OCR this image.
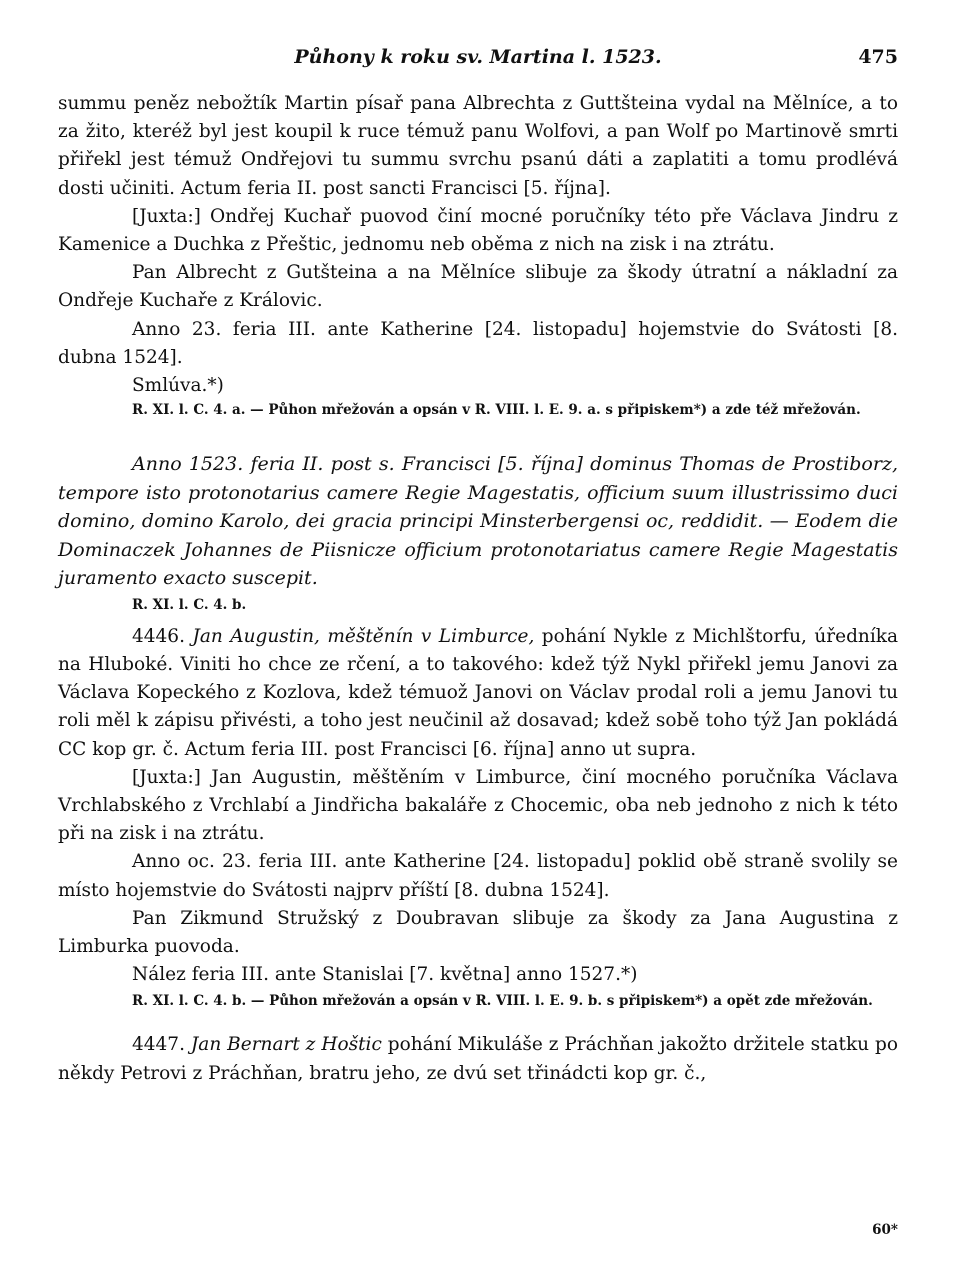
Půhony k roku sv. Martina l. 1523.	475

summu peněz nebožtík Martin písař pana Albrechta z Guttšteina vydal na Mělníce, a to za žito, kteréž byl jest koupil k ruce témuž panu Wolfovi, a pan Wolf po Martinově smrti přiřekl jest témuž Ondřejovi tu summu svrchu psanú dáti a zaplatiti a tomu prodlévá dosti učiniti. Actum feria II. post sancti Francisci [5. října].

[Juxta:] Ondřej Kuchař puovod činí mocné poručníky této pře Václava Jindru z Kamenice a Duchka z Přeštic, jednomu neb oběma z nich na zisk i na ztrátu.

Pan Albrecht z Gutšteina a na Mělníce slibuje za škody útratní a nákladní za Ondřeje Kuchaře z Královic.

Anno 23. feria III. ante Katherine [24. listopadu] hojemstvie do Svátosti [8. dubna 1524].

Smlúva.*)

R. XI. l. C. 4. a. — Půhon mřežován a opsán v R. VIII. l. E. 9. a. s připiskem*) a zde též mřežován.

Anno 1523. feria II. post s. Francisci [5. října] dominus Thomas de Prostiborz, tempore isto protonotarius camere Regie Magestatis, officium suum illustrissimo duci domino, domino Karolo, dei gracia principi Minsterbergensi oc, reddidit. — Eodem die Dominaczek Johannes de Piisnicze officium protonotariatus camere Regie Magestatis juramento exacto suscepit.

R. XI. l. C. 4. b.

4446. Jan Augustin, měštěnín v Limburce, pohání Nykle z Michlštorfu, úředníka na Hluboké. Viniti ho chce ze rčení, a to takového: kdež týž Nykl přiřekl jemu Janovi za Václava Kopeckého z Kozlova, kdež témuož Janovi on Václav prodal roli a jemu Janovi tu roli měl k zápisu přivésti, a toho jest neučinil až dosavad; kdež sobě toho týž Jan pokládá CC kop gr. č. Actum feria III. post Francisci [6. října] anno ut supra.

[Juxta:] Jan Augustin, měštěním v Limburce, činí mocného poručníka Václava Vrchlabského z Vrchlabí a Jindřicha bakaláře z Chocemic, oba neb jednoho z nich k této při na zisk i na ztrátu.

Anno oc. 23. feria III. ante Katherine [24. listopadu] poklid obě straně svolily se místo hojemstvie do Svátosti najprv příští [8. dubna 1524].

Pan Zikmund Stružský z Doubravan slibuje za škody za Jana Augustina z Limburka puovoda.

Nález feria III. ante Stanislai [7. května] anno 1527.*)

R. XI. l. C. 4. b. — Půhon mřežován a opsán v R. VIII. l. E. 9. b. s připiskem*) a opět zde mřežován.

4447. Jan Bernart z Hoštic pohání Mikuláše z Práchňan jakožto držitele statku po někdy Petrovi z Práchňan, bratru jeho, ze dvú set třinádcti kop gr. č.,

60*
